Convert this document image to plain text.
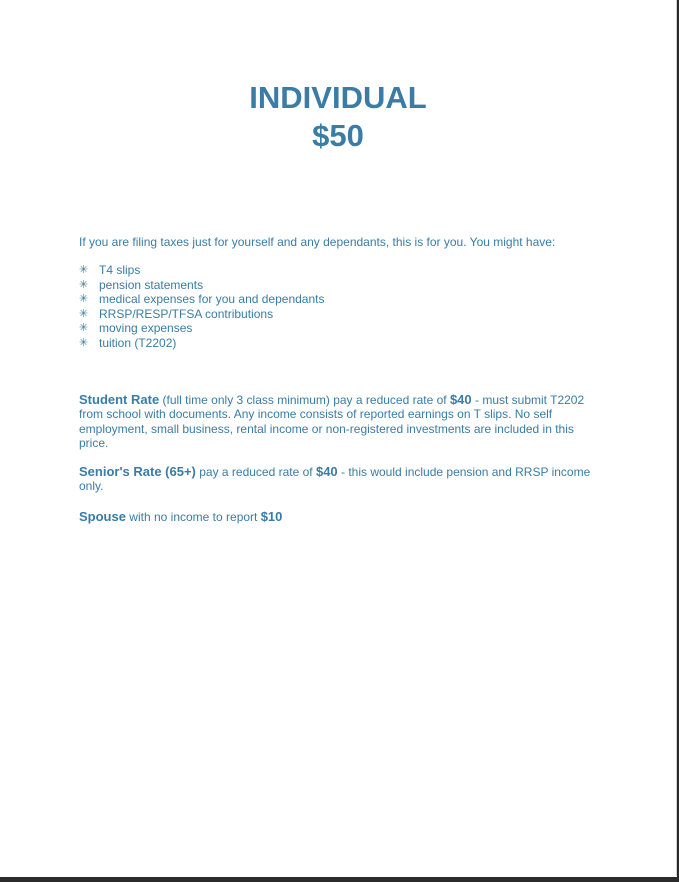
INDIVIDUAL
$50

If you are filing taxes just for yourself and any dependants, this is for you. You might have:

✳ T4 slips
✳ pension statements
✳ medical expenses for you and dependants
✳ RRSP/RESP/TFSA contributions
✳ moving expenses
✳ tuition (T2202)

Student Rate (full time only 3 class minimum) pay a reduced rate of $40 - must submit T2202 from school with documents. Any income consists of reported earnings on T slips. No self employment, small business, rental income or non-registered investments are included in this price.

Senior's Rate (65+) pay a reduced rate of $40 - this would include pension and RRSP income only.

Spouse with no income to report $10
